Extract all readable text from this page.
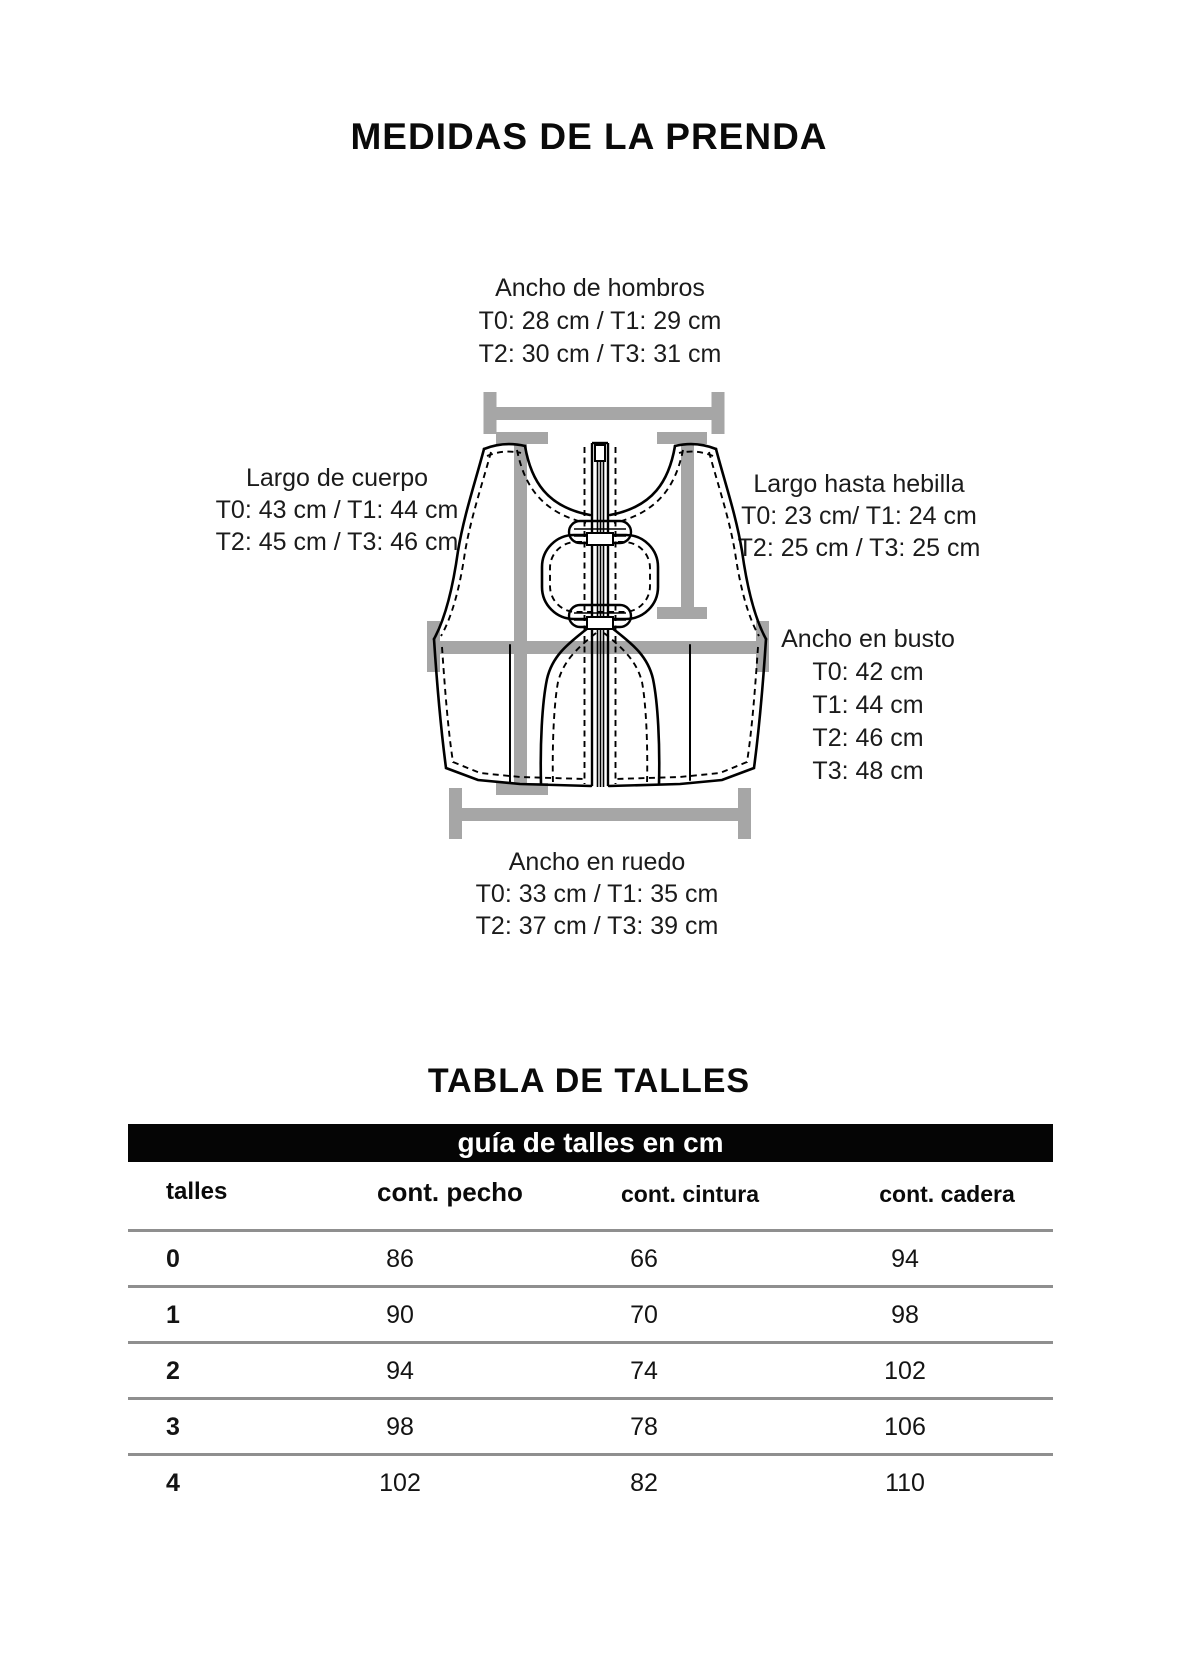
MEDIDAS DE LA PRENDA
Ancho de hombros
T0: 28 cm / T1: 29 cm
T2: 30 cm / T3: 31 cm
Largo de cuerpo
T0: 43 cm / T1: 44 cm
T2: 45 cm / T3: 46 cm
Largo hasta hebilla
T0: 23 cm/ T1: 24 cm
T2: 25 cm / T3: 25 cm
Ancho en busto
T0: 42 cm
T1: 44 cm
T2: 46 cm
T3: 48 cm
Ancho en ruedo
T0: 33 cm / T1: 35 cm
T2: 37 cm / T3: 39 cm
TABLA DE TALLES
guía de talles en cm
talles	cont. pecho	cont. cintura	cont. cadera
0	86	66	94
1	90	70	98
2	94	74	102
3	98	78	106
4	102	82	110
